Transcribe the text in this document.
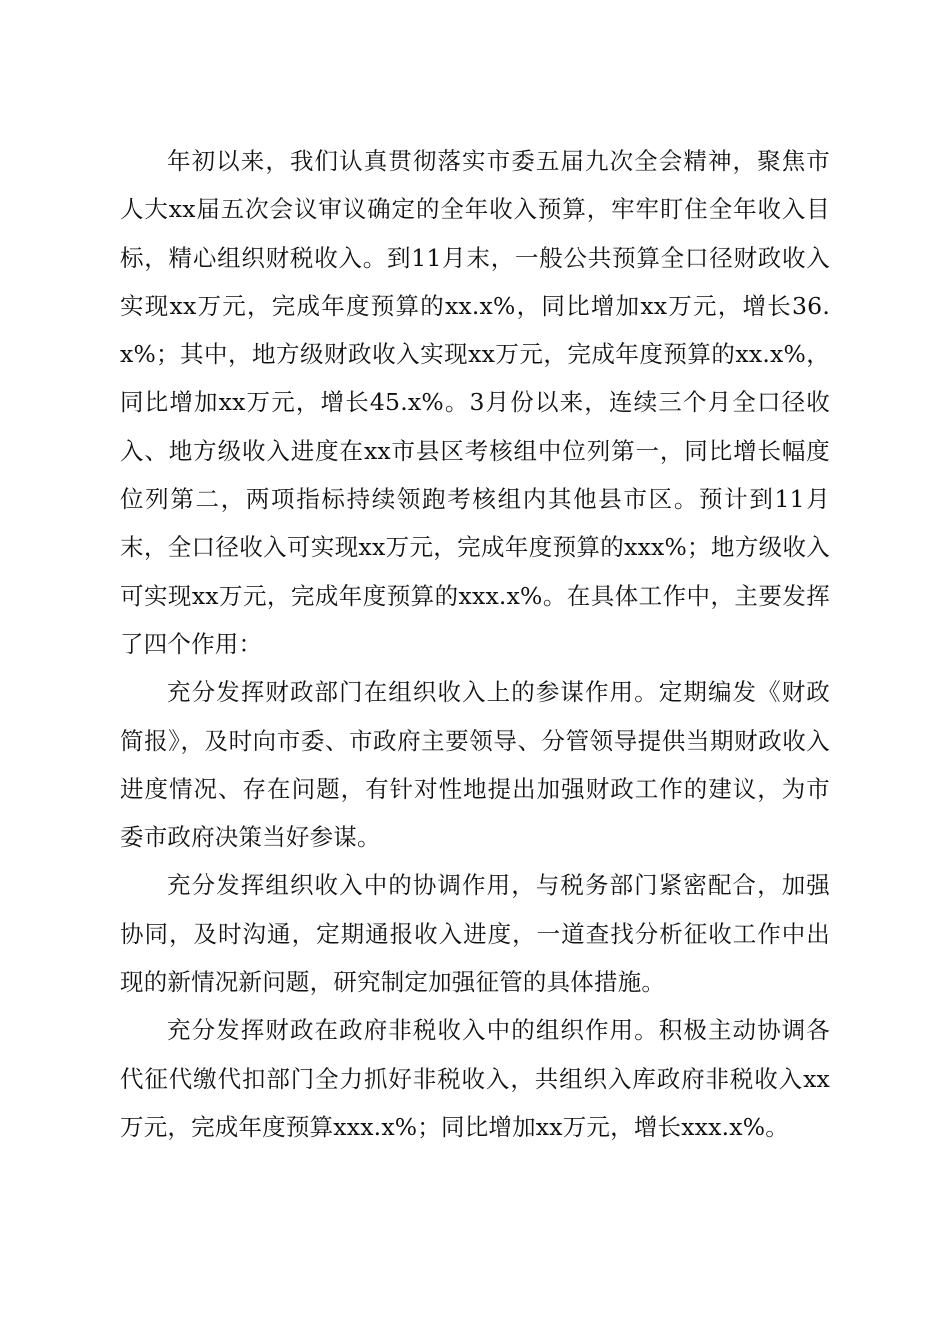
年初以来，我们认真贯彻落实市委五届九次全会精神，聚焦市人大xx届五次会议审议确定的全年收入预算，牢牢盯住全年收入目标，精心组织财税收入。到11月末，一般公共预算全口径财政收入实现xx万元，完成年度预算的xx.x%，同比增加xx万元，增长36.x%；其中，地方级财政收入实现xx万元，完成年度预算的xx.x%，同比增加xx万元，增长45.x%。3月份以来，连续三个月全口径收入、地方级收入进度在xx市县区考核组中位列第一，同比增长幅度位列第二，两项指标持续领跑考核组内其他县市区。预计到11月末，全口径收入可实现xx万元，完成年度预算的xxx%；地方级收入可实现xx万元，完成年度预算的xxx.x%。在具体工作中，主要发挥了四个作用：

充分发挥财政部门在组织收入上的参谋作用。定期编发《财政简报》，及时向市委、市政府主要领导、分管领导提供当期财政收入进度情况、存在问题，有针对性地提出加强财政工作的建议，为市委市政府决策当好参谋。

充分发挥组织收入中的协调作用，与税务部门紧密配合，加强协同，及时沟通，定期通报收入进度，一道查找分析征收工作中出现的新情况新问题，研究制定加强征管的具体措施。

充分发挥财政在政府非税收入中的组织作用。积极主动协调各代征代缴代扣部门全力抓好非税收入，共组织入库政府非税收入xx万元，完成年度预算xxx.x%；同比增加xx万元，增长xxx.x%。
